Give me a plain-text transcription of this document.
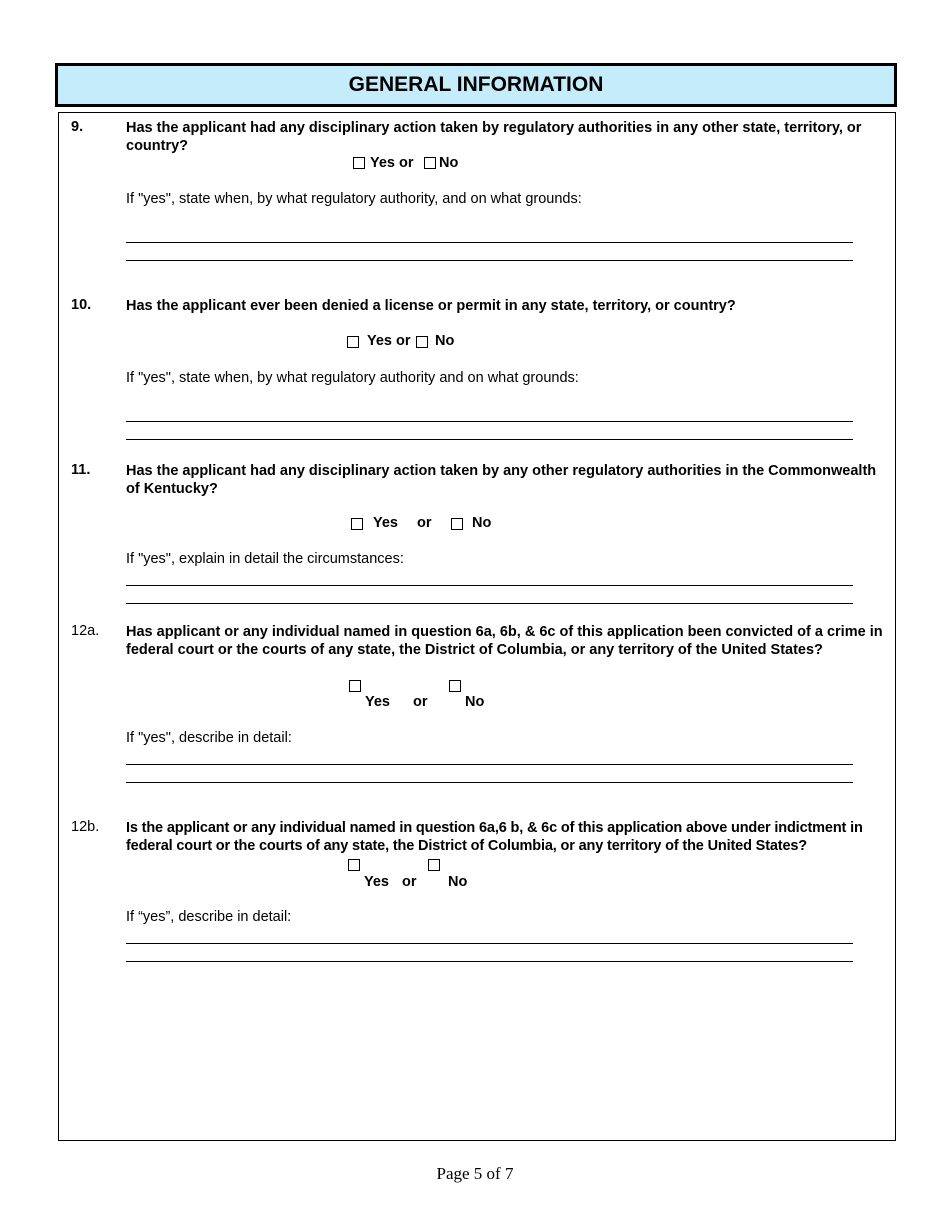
GENERAL INFORMATION
9.	Has the applicant had any disciplinary action taken by regulatory authorities in any other state, territory, or country?
Yes or No
If "yes", state when, by what regulatory authority, and on what grounds:
10. Has the applicant ever been denied a license or permit in any state, territory, or country?
Yes or No
If "yes", state when, by what regulatory authority and on what grounds:
11. Has the applicant had any disciplinary action taken by any other regulatory authorities in the Commonwealth of Kentucky?
Yes or	No
If "yes", explain in detail the circumstances:
12a. Has applicant or any individual named in question 6a, 6b, & 6c of this application been convicted of a crime in federal court or the courts of any state, the District of Columbia, or any territory of the United States?
Yes or	No
If "yes", describe in detail:
12b. Is the applicant or any individual named in question 6a,6 b, & 6c of this application above under indictment in federal court or the courts of any state, the District of Columbia, or any territory of the United States?
Yes or No
If “yes”, describe in detail:
Page 5 of 7
